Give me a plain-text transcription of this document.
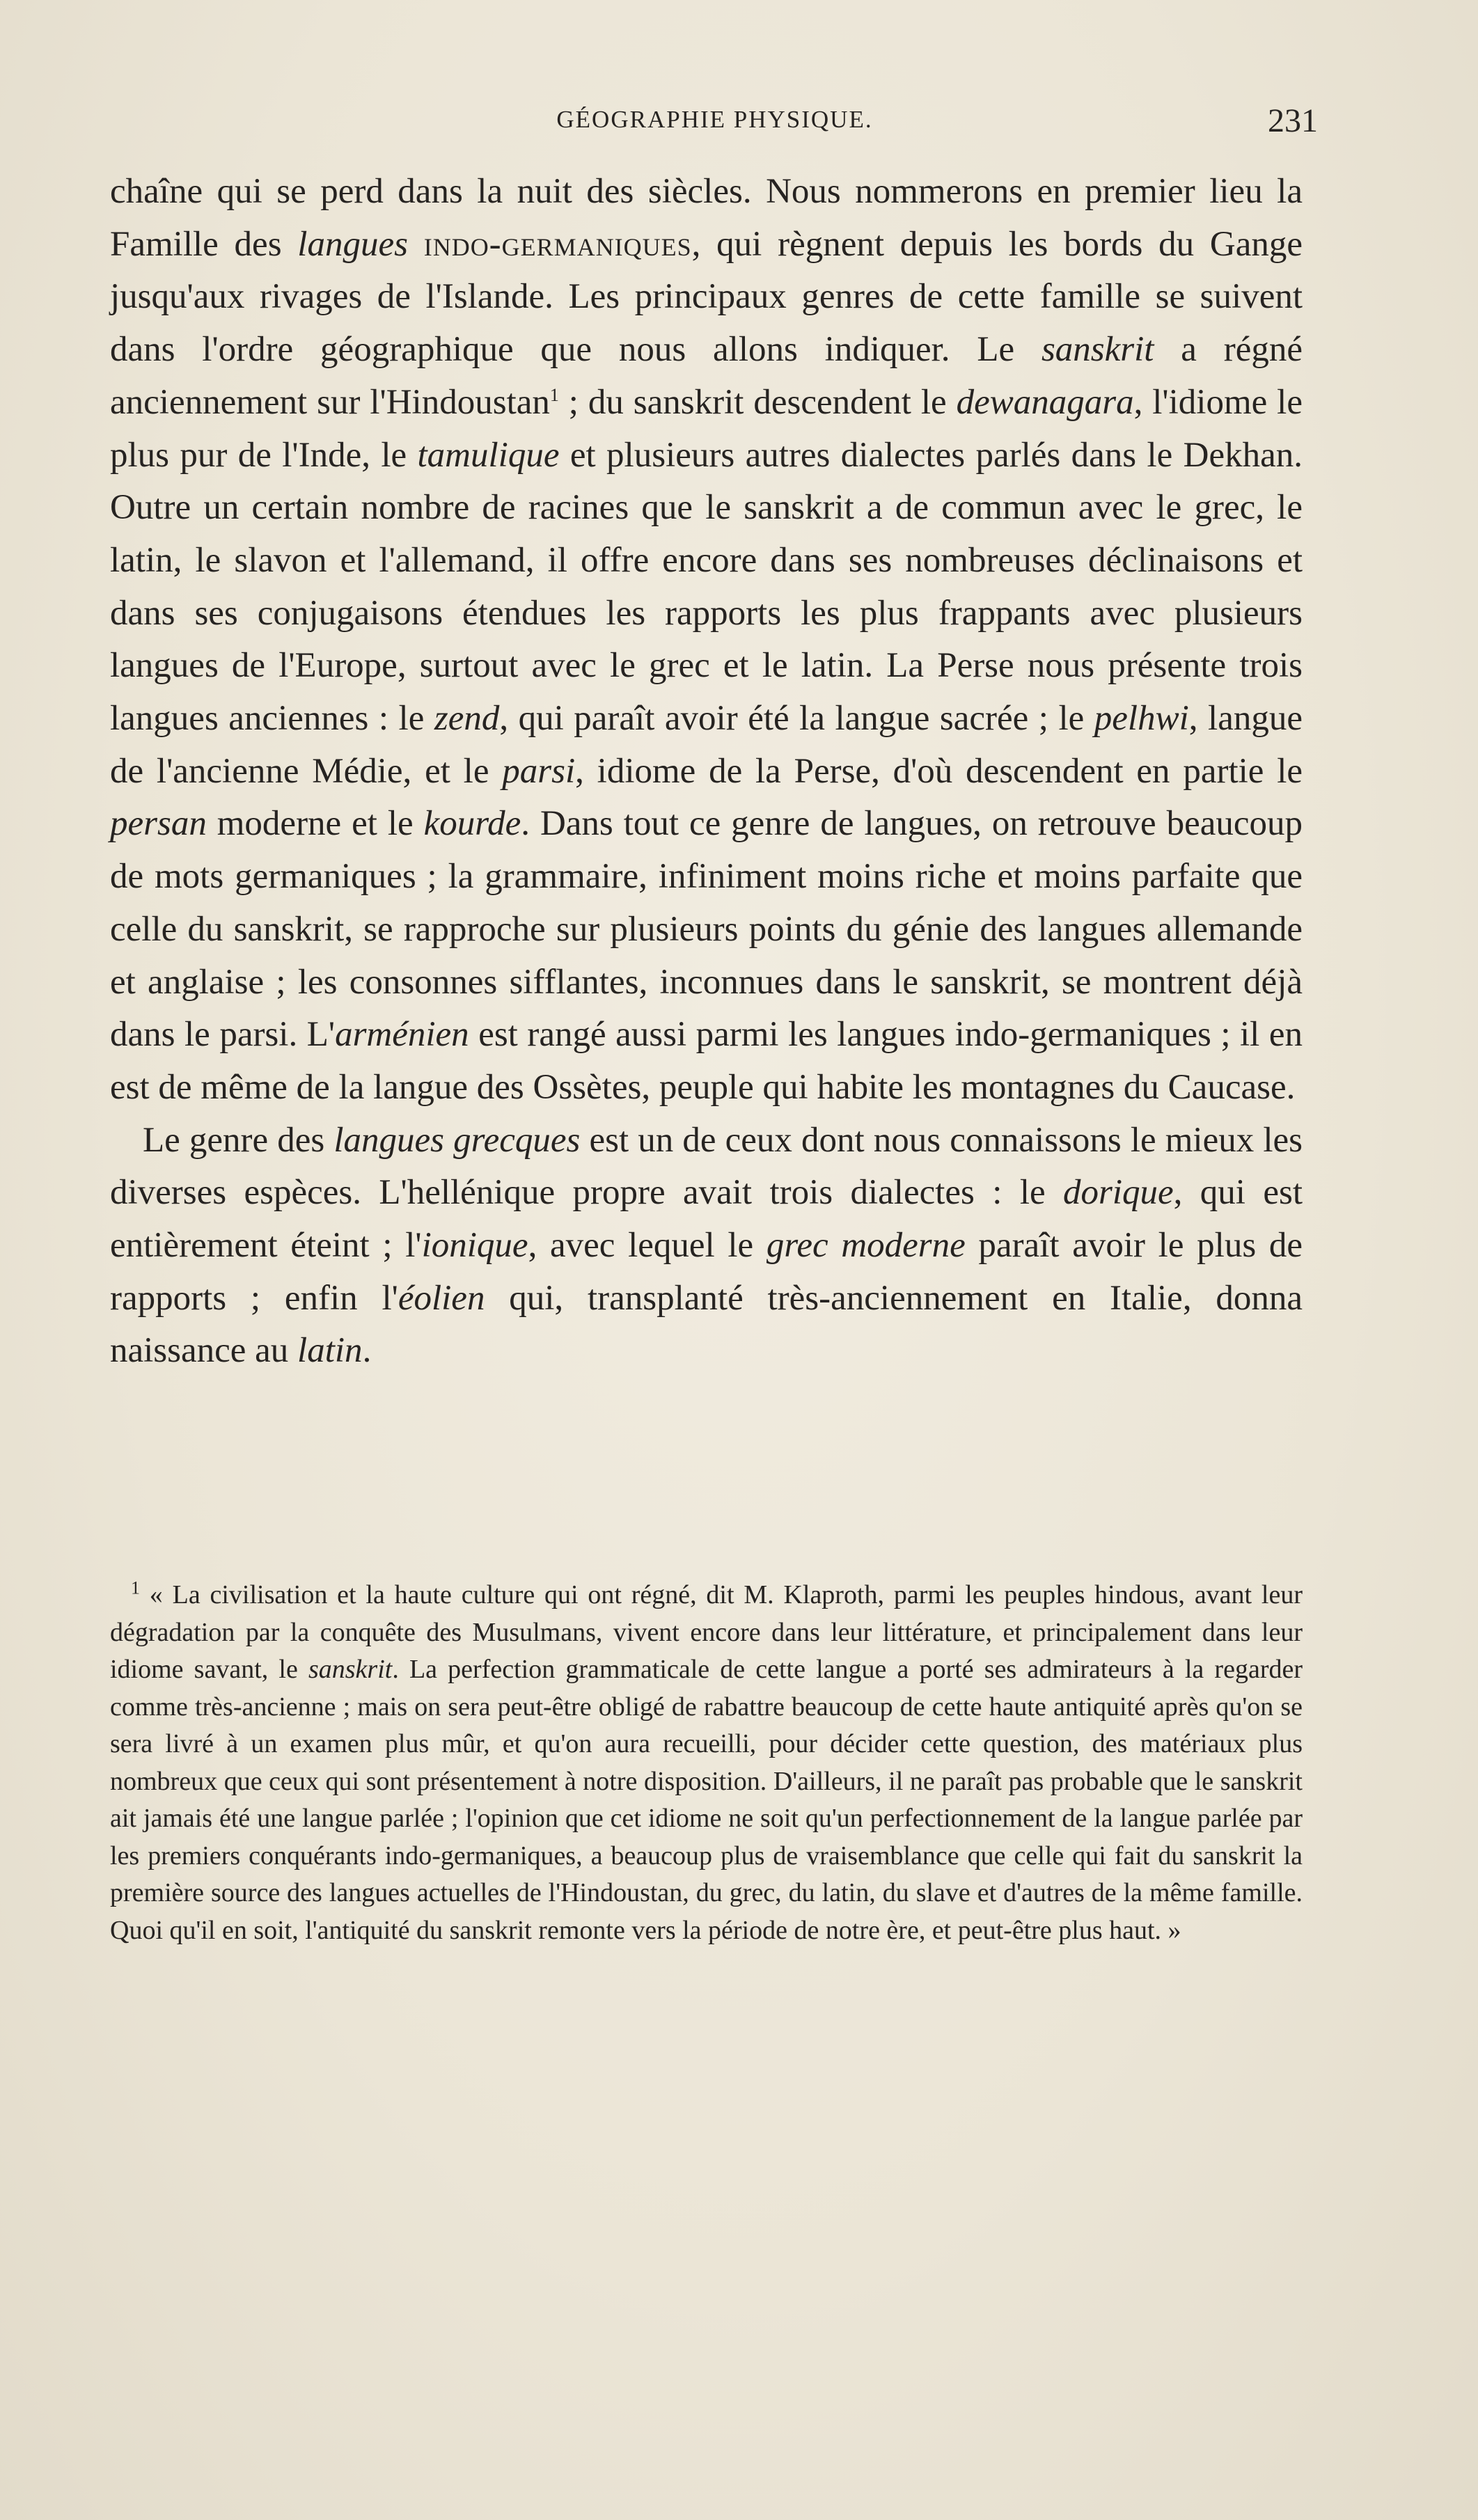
GÉOGRAPHIE PHYSIQUE.	231

chaîne qui se perd dans la nuit des siècles. Nous nommerons en premier lieu la Famille des langues indo-germaniques, qui règnent depuis les bords du Gange jusqu'aux rivages de l'Islande. Les principaux genres de cette famille se suivent dans l'ordre géographique que nous allons indiquer. Le sanskrit a régné anciennement sur l'Hindoustan$^1$ ; du sanskrit descendent le dewanagara, l'idiome le plus pur de l'Inde, le tamulique et plusieurs autres dialectes parlés dans le Dekhan. Outre un certain nombre de racines que le sanskrit a de commun avec le grec, le latin, le slavon et l'allemand, il offre encore dans ses nombreuses déclinaisons et dans ses conjugaisons étendues les rapports les plus frappants avec plusieurs langues de l'Europe, surtout avec le grec et le latin. La Perse nous présente trois langues anciennes : le zend, qui paraît avoir été la langue sacrée ; le pelhwi, langue de l'ancienne Médie, et le parsi, idiome de la Perse, d'où descendent en partie le persan moderne et le kourde. Dans tout ce genre de langues, on retrouve beaucoup de mots germaniques ; la grammaire, infiniment moins riche et moins parfaite que celle du sanskrit, se rapproche sur plusieurs points du génie des langues allemande et anglaise ; les consonnes sifflantes, inconnues dans le sanskrit, se montrent déjà dans le parsi. L'arménien est rangé aussi parmi les langues indo-germaniques ; il en est de même de la langue des Ossètes, peuple qui habite les montagnes du Caucase.

Le genre des langues grecques est un de ceux dont nous connaissons le mieux les diverses espèces. L'hellénique propre avait trois dialectes : le dorique, qui est entièrement éteint ; l'ionique, avec lequel le grec moderne paraît avoir le plus de rapports ; enfin l'éolien qui, transplanté très-anciennement en Italie, donna naissance au latin.

$^1$ « La civilisation et la haute culture qui ont régné, dit M. Klaproth, parmi les peuples hindous, avant leur dégradation par la conquête des Musulmans, vivent encore dans leur littérature, et principalement dans leur idiome savant, le sanskrit. La perfection grammaticale de cette langue a porté ses admirateurs à la regarder comme très-ancienne ; mais on sera peut-être obligé de rabattre beaucoup de cette haute antiquité après qu'on se sera livré à un examen plus mûr, et qu'on aura recueilli, pour décider cette question, des matériaux plus nombreux que ceux qui sont présentement à notre disposition. D'ailleurs, il ne paraît pas probable que le sanskrit ait jamais été une langue parlée ; l'opinion que cet idiome ne soit qu'un perfectionnement de la langue parlée par les premiers conquérants indo-germaniques, a beaucoup plus de vraisemblance que celle qui fait du sanskrit la première source des langues actuelles de l'Hindoustan, du grec, du latin, du slave et d'autres de la même famille. Quoi qu'il en soit, l'antiquité du sanskrit remonte vers la période de notre ère, et peut-être plus haut. »
